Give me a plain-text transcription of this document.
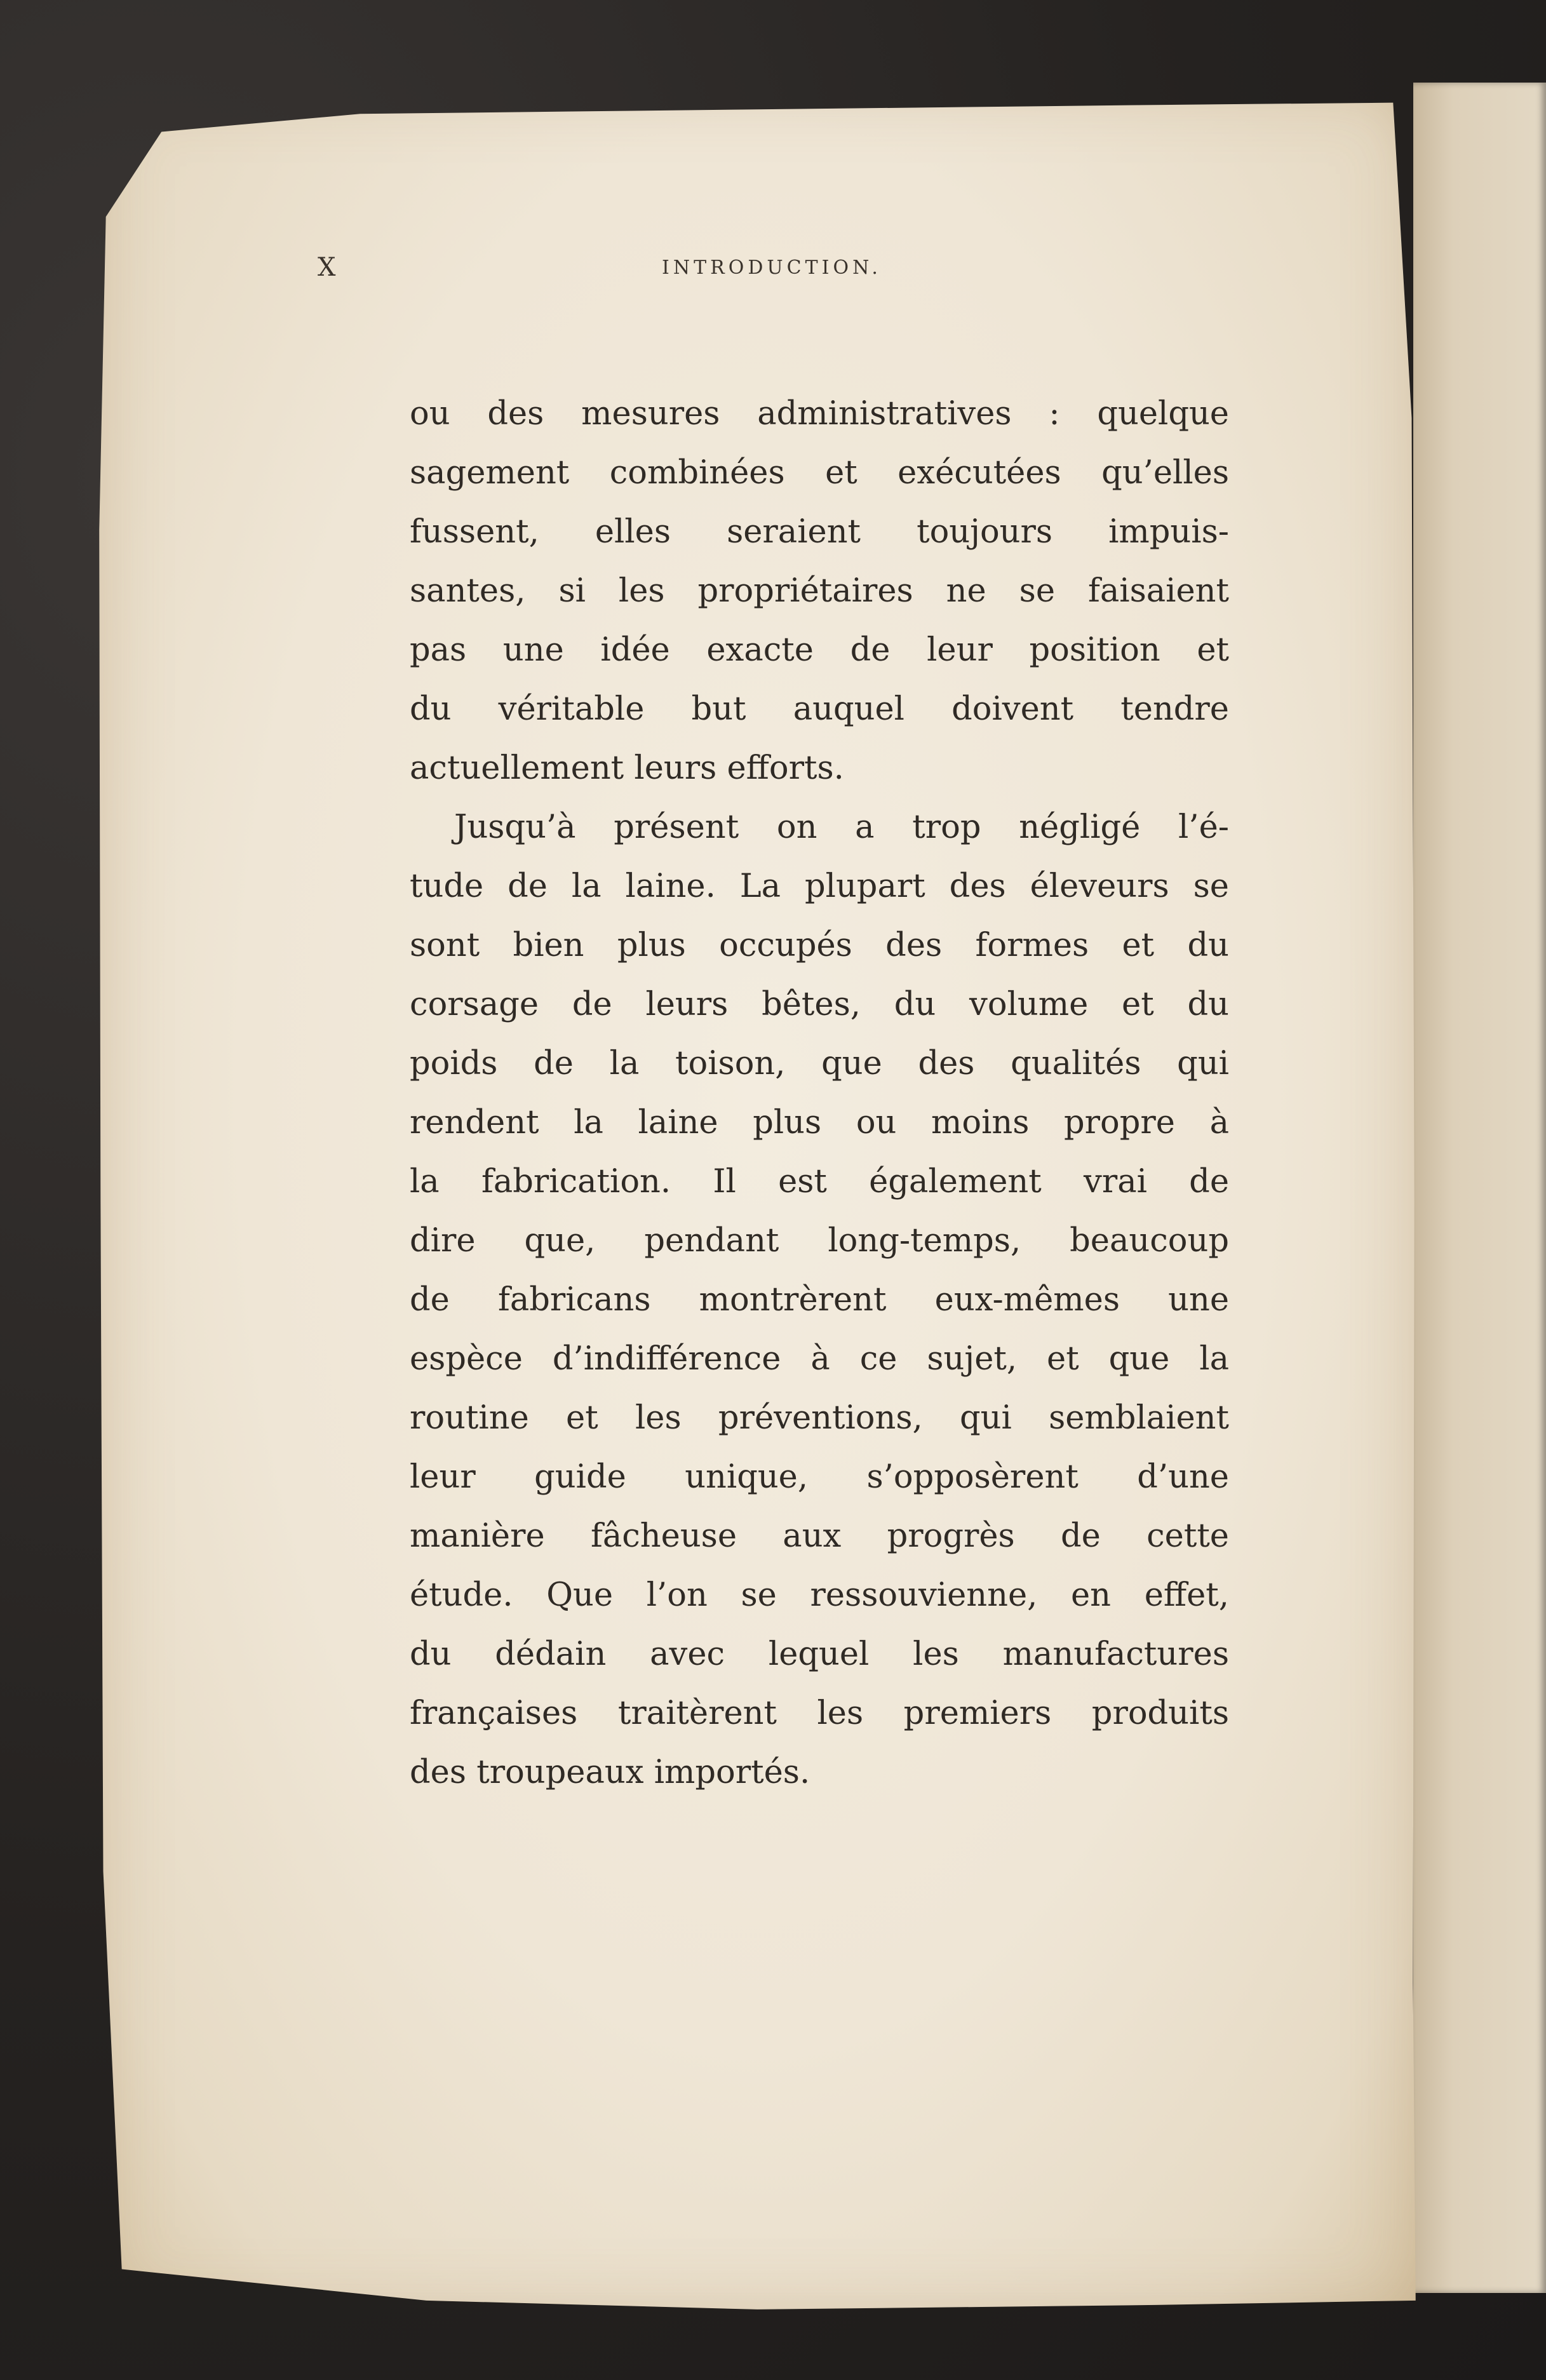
X	INTRODUCTION.
ou des mesures administratives : quelque
sagement combinées et exécutées qu’elles
fussent, elles seraient toujours impuis-
santes, si les propriétaires ne se faisaient
pas une idée exacte de leur position et
du véritable but auquel doivent tendre
actuellement leurs efforts.
Jusqu’à présent on a trop négligé l’é-
tude de la laine. La plupart des éleveurs se
sont bien plus occupés des formes et du
corsage de leurs bêtes, du volume et du
poids de la toison, que des qualités qui
rendent la laine plus ou moins propre à
la fabrication. Il est également vrai de
dire que, pendant long-temps, beaucoup
de fabricans montrèrent eux-mêmes une
espèce d’indifférence à ce sujet, et que la
routine et les préventions, qui semblaient
leur guide unique, s’opposèrent d’une
manière fâcheuse aux progrès de cette
étude. Que l’on se ressouvienne, en effet,
du dédain avec lequel les manufactures
françaises traitèrent les premiers produits
des troupeaux importés.
